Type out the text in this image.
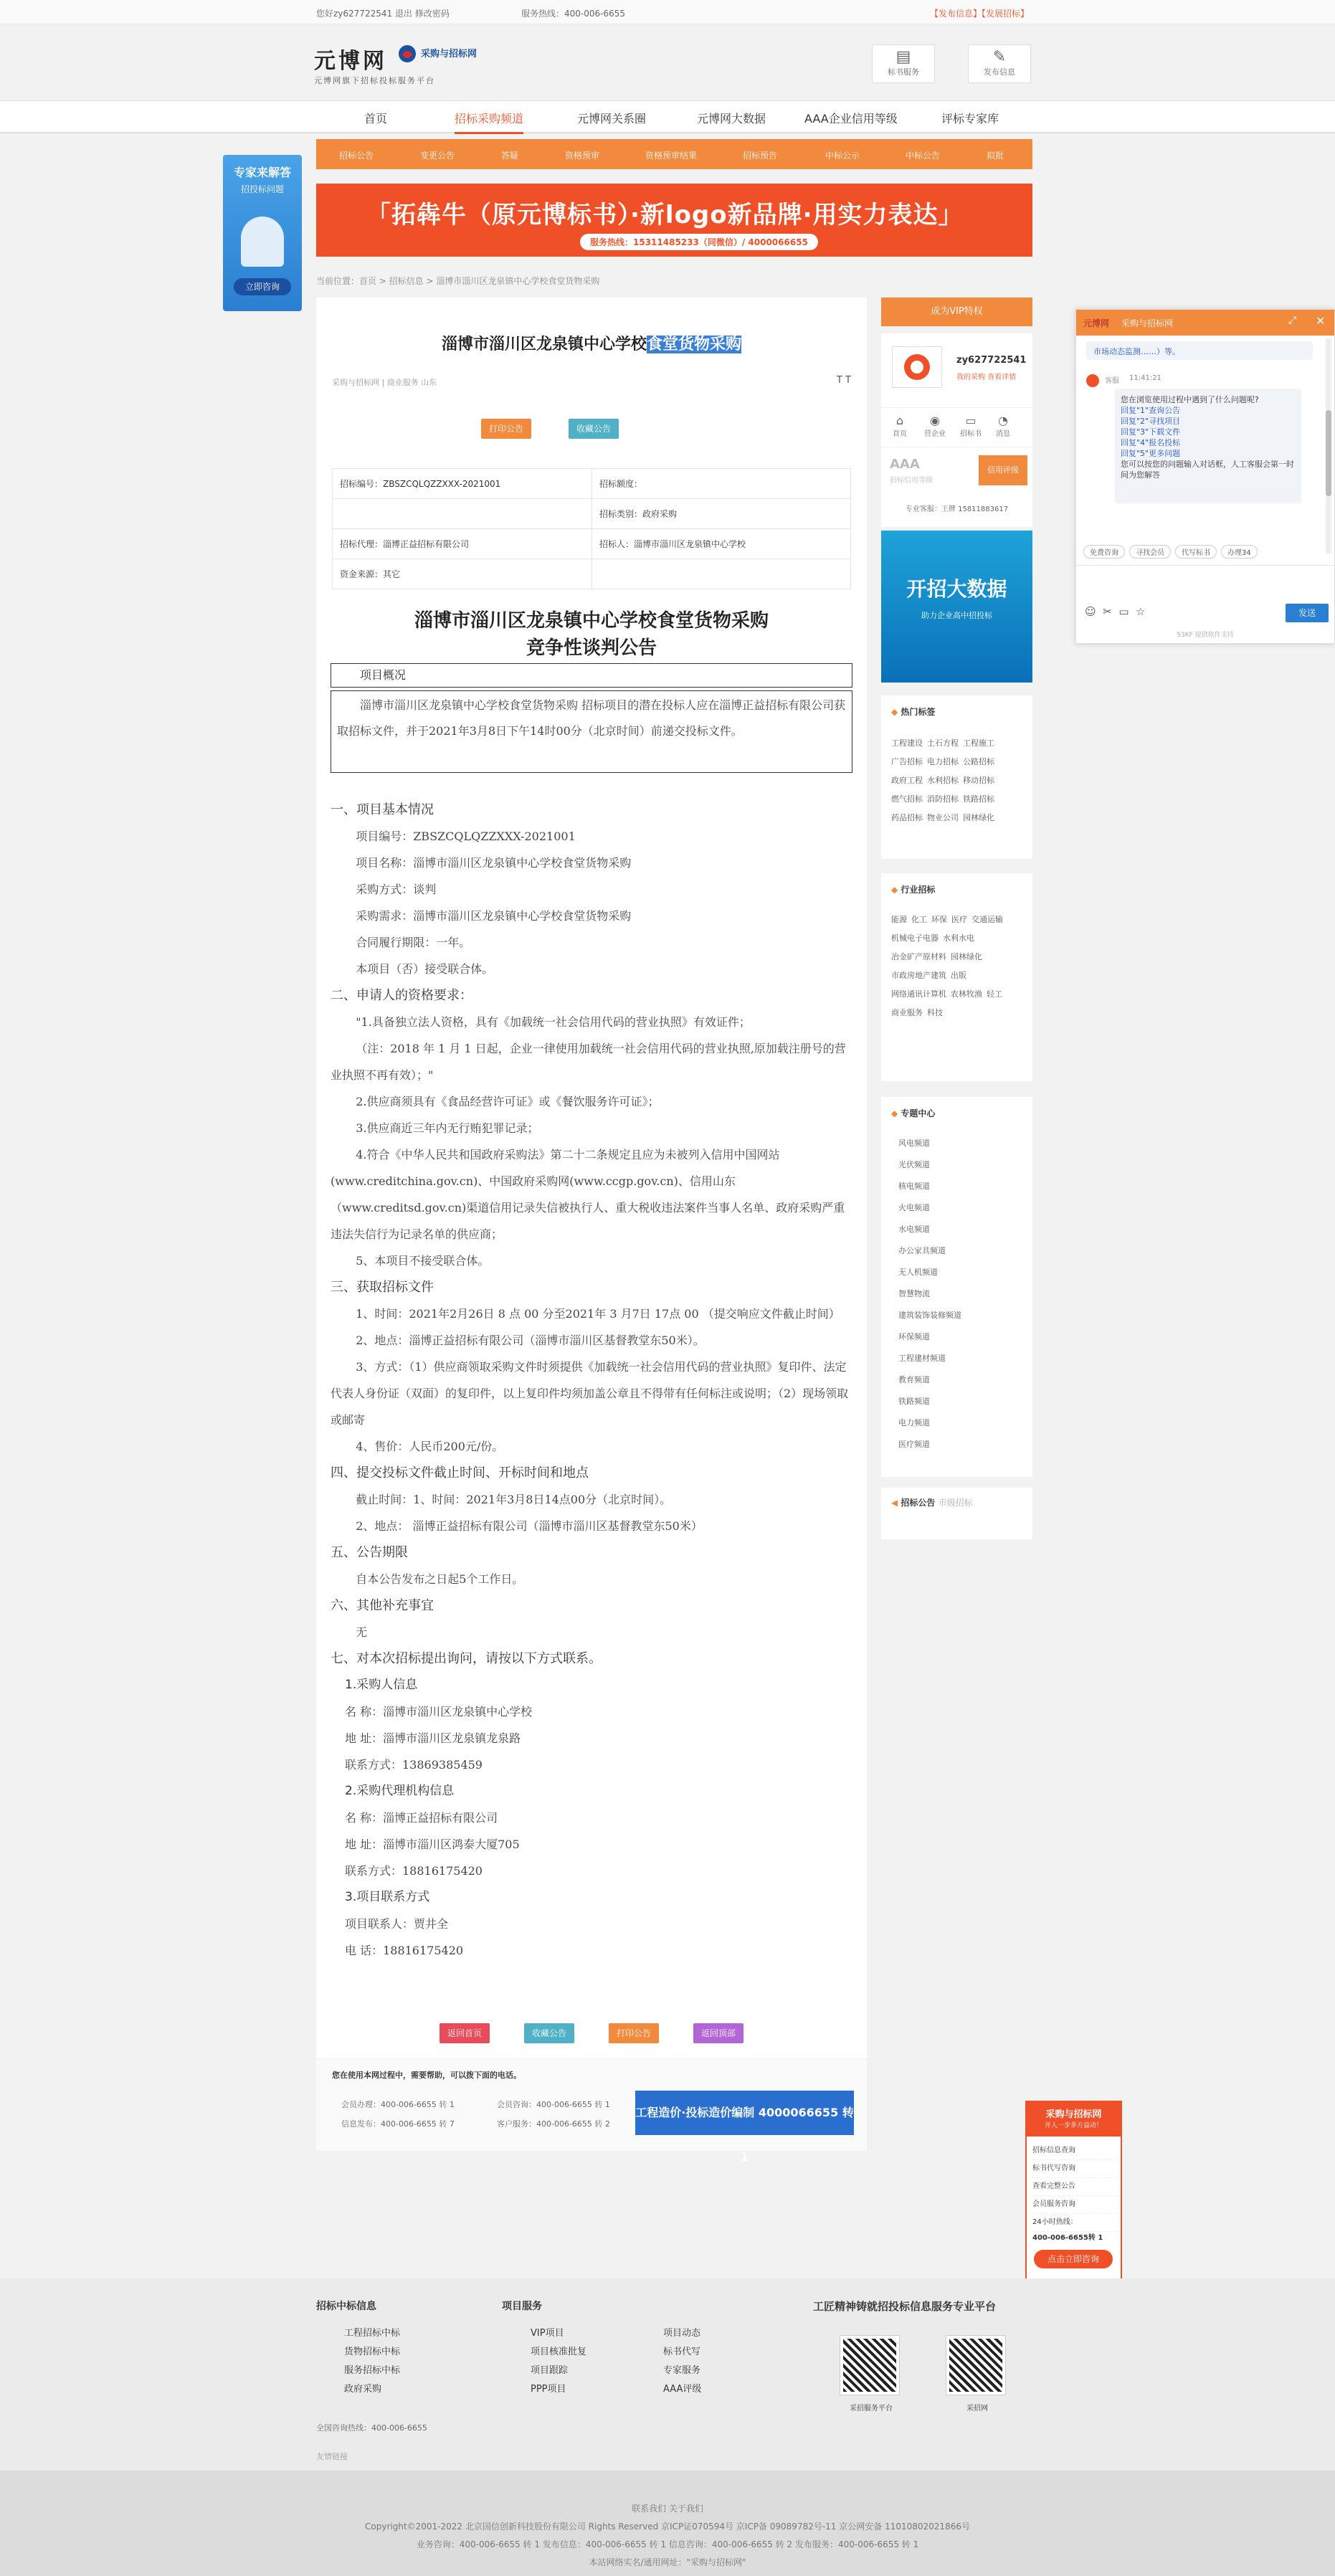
您好zy627722541 退出 修改密码	服务热线：400-006-6655	【发布信息】【发展招标】
元博网
元博网旗下招标投标服务平台
采购与招标网	▤
标书服务
✎
发布信息
首页	招标采购频道	元博网关系圈	元博网大数据	AAA企业信用等级	评标专家库
招标公告	变更公告	答疑	资格预审	资格预审结果	招标预告	中标公示	中标公告	拟批
「拓犇牛（原元博标书）·新logo新品牌·用实力表达」
服务热线：15311485233（同微信）/ 4000066655
专家来解答
招投标问题
立即咨询
当前位置：首页 > 招标信息 > 淄博市淄川区龙泉镇中心学校食堂货物采购
淄博市淄川区龙泉镇中心学校食堂货物采购
采购与招标网 | 商业服务 山东	T T
打印公告	收藏公告
招标编号：ZBSZCQLQZZXXX-2021001	招标额度：
	招标类别：政府采购
招标代理：淄博正益招标有限公司	招标人：淄博市淄川区龙泉镇中心学校
资金来源：其它	
淄博市淄川区龙泉镇中心学校食堂货物采购
竞争性谈判公告
项目概况
淄博市淄川区龙泉镇中心学校食堂货物采购 招标项目的潜在投标人应在淄博正益招标有限公司获取招标文件，并于2021年3月8日下午14时00分（北京时间）前递交投标文件。
一、项目基本情况

项目编号：ZBSZCQLQZZXXX-2021001

项目名称：淄博市淄川区龙泉镇中心学校食堂货物采购

采购方式：谈判

采购需求：淄博市淄川区龙泉镇中心学校食堂货物采购

合同履行期限：一年。

本项目（否）接受联合体。

二、申请人的资格要求：

"1.具备独立法人资格，具有《加载统一社会信用代码的营业执照》有效证件；

（注：2018 年 1 月 1 日起，企业一律使用加载统一社会信用代码的营业执照,原加载注册号的营业执照不再有效）；"

2.供应商须具有《食品经营许可证》或《餐饮服务许可证》；

3.供应商近三年内无行贿犯罪记录；

4.符合《中华人民共和国政府采购法》第二十二条规定且应为未被列入信用中国网站(www.creditchina.gov.cn)、中国政府采购网(www.ccgp.gov.cn)、信用山东（www.creditsd.gov.cn)渠道信用记录失信被执行人、重大税收违法案件当事人名单、政府采购严重违法失信行为记录名单的供应商；

5、本项目不接受联合体。

三、获取招标文件

1、时间：2021年2月26日 8 点 00 分至2021年 3 月7日 17点 00 （提交响应文件截止时间）

2、地点：淄博正益招标有限公司（淄博市淄川区基督教堂东50米）。

3、方式：（1）供应商领取采购文件时须提供《加载统一社会信用代码的营业执照》复印件、法定代表人身份证（双面）的复印件，以上复印件均须加盖公章且不得带有任何标注或说明；（2）现场领取或邮寄

4、售价：人民币200元/份。

四、提交投标文件截止时间、开标时间和地点

截止时间：1、时间：2021年3月8日14点00分（北京时间）。

2、地点： 淄博正益招标有限公司（淄博市淄川区基督教堂东50米）

五、公告期限

自本公告发布之日起5个工作日。

六、其他补充事宜

无

七、对本次招标提出询问，请按以下方式联系。
1.采购人信息

名 称：淄博市淄川区龙泉镇中心学校

地 址：淄博市淄川区龙泉镇龙泉路

联系方式：13869385459

2.采购代理机构信息

名 称：淄博正益招标有限公司

地 址：淄博市淄川区鸿泰大厦705

联系方式：18816175420

3.项目联系方式

项目联系人：贾井全

电 话：18816175420

返回首页	收藏公告	打印公告	返回顶部
您在使用本网过程中，需要帮助，可以拨下面的电话。
会员办理：400-006-6655 转 1	会员咨询：400-006-6655 转 1
信息发布：400-006-6655 转 7	客户服务：400-006-6655 转 2
工程造价·投标造价编制 4000066655 转 1
成为VIP特权
zy627722541
我的采购 查看详情
⌂
首页
◉
营企业
▭
招标书
◔
消息
AAA
招标信用等级
信用评级
专业客服：王牌 15811883617
开招大数据
助力企业高中招投标
◆ 热门标签
工程建设 土石方程 工程施工广告招标 电力招标 公路招标政府工程 水利招标 移动招标燃气招标 消防招标 铁路招标药品招标 物业公司 园林绿化
◆ 行业招标
能源 化工 环保 医疗 交通运输机械电子电器 水利水电冶金矿产原材料 园林绿化市政房地产建筑 出版网络通讯计算机 农林牧渔 轻工商业服务 科技
◆ 专题中心
风电频道
光伏频道
核电频道
火电频道
水电频道
办公家具频道
无人机频道
智慧物流
建筑装饰装修频道
环保频道
工程建材频道
教育频道
铁路频道
电力频道
医疗频道
◀ 招标公告 市级招标
元博网 采购与招标网	⤢ ✕
市场动态监测……）等。
客服 11:41:21
您在浏览使用过程中遇到了什么问题呢?
回复"1"查询公告
回复"2"寻找项目
回复"3"下载文件
回复"4"报名投标
回复"5"更多问题
您可以按您的问题输入对话框，人工客服会第一时间为您解答
免费咨询 寻找会员 代写标书 办理34
☺ ✂ ▭ ☆	发送
53KF 提供软件支持
采购与招标网
开人一步多方益动！
招标信息查询
标书代写咨询
查看完整公告
会员服务咨询
24小时热线：
400-006-6655转 1
点击立即咨询
招标中标信息
工程招标中标
货物招标中标
服务招标中标
政府采购
项目服务
VIP项目
项目核准批复
项目跟踪
PPP项目
项目动态
标书代写
专家服务
AAA评级
工匠精神铸就招投标信息服务专业平台
采招服务平台	采招网
全国咨询热线：400-006-6655
友情链接
联系我们 关于我们
Copyright©2001-2022 北京国信创新科技股份有限公司 Rights Reserved 京ICP证070594号 京ICP备 09089782号-11 京公网安备 11010802021866号
业务咨询：400-006-6655 转 1 发布信息：400-006-6655 转 1 信息咨询：400-006-6655 转 2 发布服务：400-006-6655 转 1
本站网络实名/通用网址："采购与招标网"
